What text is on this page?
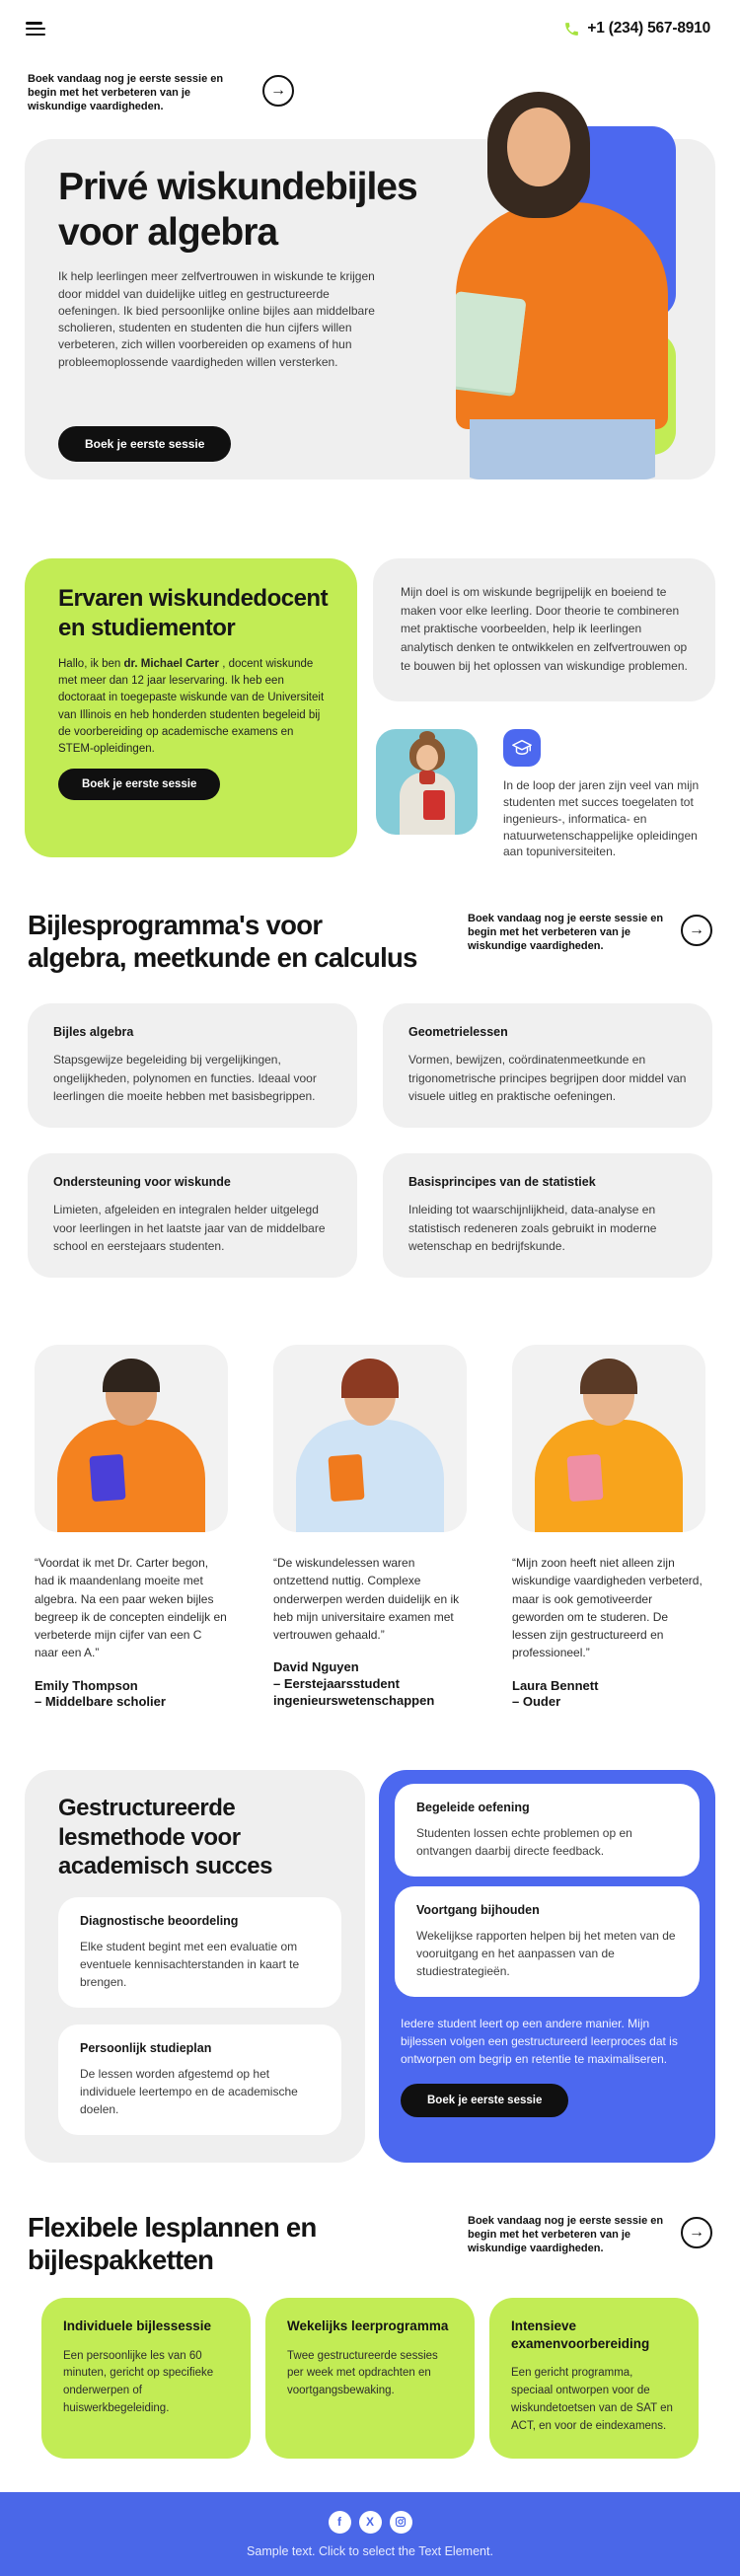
+1 (234) 567-8910
Boek vandaag nog je eerste sessie en begin met het verbeteren van je wiskundige vaardigheden.
→
Privé wiskundebijles voor algebra
Ik help leerlingen meer zelfvertrouwen in wiskunde te krijgen door middel van duidelijke uitleg en gestructureerde oefeningen. Ik bied persoonlijke online bijles aan middelbare scholieren, studenten en studenten die hun cijfers willen verbeteren, zich willen voorbereiden op examens of hun probleemoplossende vaardigheden willen versterken.
Boek je eerste sessie
Ervaren wiskundedocent en studiementor

Hallo, ik ben dr. Michael Carter , docent wiskunde met meer dan 12 jaar leservaring. Ik heb een doctoraat in toegepaste wiskunde van de Universiteit van Illinois en heb honderden studenten begeleid bij de voorbereiding op academische examens en STEM-opleidingen.

Boek je eerste sessie
Mijn doel is om wiskunde begrijpelijk en boeiend te maken voor elke leerling. Door theorie te combineren met praktische voorbeelden, help ik leerlingen analytisch denken te ontwikkelen en zelfvertrouwen op te bouwen bij het oplossen van wiskundige problemen.
In de loop der jaren zijn veel van mijn studenten met succes toegelaten tot ingenieurs-, informatica- en natuurwetenschappelijke opleidingen aan topuniversiteiten.
Bijlesprogramma's voor algebra, meetkunde en calculus
Boek vandaag nog je eerste sessie en begin met het verbeteren van je wiskundige vaardigheden.
→
Bijles algebra

Stapsgewijze begeleiding bij vergelijkingen, ongelijkheden, polynomen en functies. Ideaal voor leerlingen die moeite hebben met basisbegrippen.

Geometrielessen

Vormen, bewijzen, coördinatenmeetkunde en trigonometrische principes begrijpen door middel van visuele uitleg en praktische oefeningen.

Ondersteuning voor wiskunde

Limieten, afgeleiden en integralen helder uitgelegd voor leerlingen in het laatste jaar van de middelbare school en eerstejaars studenten.

Basisprincipes van de statistiek

Inleiding tot waarschijnlijkheid, data-analyse en statistisch redeneren zoals gebruikt in moderne wetenschap en bedrijfskunde.

“Voordat ik met Dr. Carter begon, had ik maandenlang moeite met algebra. Na een paar weken bijles begreep ik de concepten eindelijk en verbeterde mijn cijfer van een C naar een A.”

Emily Thompson
– Middelbare scholier

“De wiskundelessen waren ontzettend nuttig. Complexe onderwerpen werden duidelijk en ik heb mijn universitaire examen met vertrouwen gehaald.”

David Nguyen
– Eerstejaarsstudent ingenieurswetenschappen

“Mijn zoon heeft niet alleen zijn wiskundige vaardigheden verbeterd, maar is ook gemotiveerder geworden om te studeren. De lessen zijn gestructureerd en professioneel.”

Laura Bennett
– Ouder
Gestructureerde lesmethode voor academisch succes
Diagnostische beoordeling

Elke student begint met een evaluatie om eventuele kennisachterstanden in kaart te brengen.

Persoonlijk studieplan

De lessen worden afgestemd op het individuele leertempo en de academische doelen.

Begeleide oefening

Studenten lossen echte problemen op en ontvangen daarbij directe feedback.

Voortgang bijhouden

Wekelijkse rapporten helpen bij het meten van de vooruitgang en het aanpassen van de studiestrategieën.

Iedere student leert op een andere manier. Mijn bijlessen volgen een gestructureerd leerproces dat is ontworpen om begrip en retentie te maximaliseren.

Boek je eerste sessie
Flexibele lesplannen en bijlespakketten
Boek vandaag nog je eerste sessie en begin met het verbeteren van je wiskundige vaardigheden.
→
Individuele bijlessessie

Een persoonlijke les van 60 minuten, gericht op specifieke onderwerpen of huiswerkbegeleiding.

Wekelijks leerprogramma

Twee gestructureerde sessies per week met opdrachten en voortgangsbewaking.

Intensieve examenvoorbereiding

Een gericht programma, speciaal ontworpen voor de wiskundetoetsen van de SAT en ACT, en voor de eindexamens.

f	X
Sample text. Click to select the Text Element.
